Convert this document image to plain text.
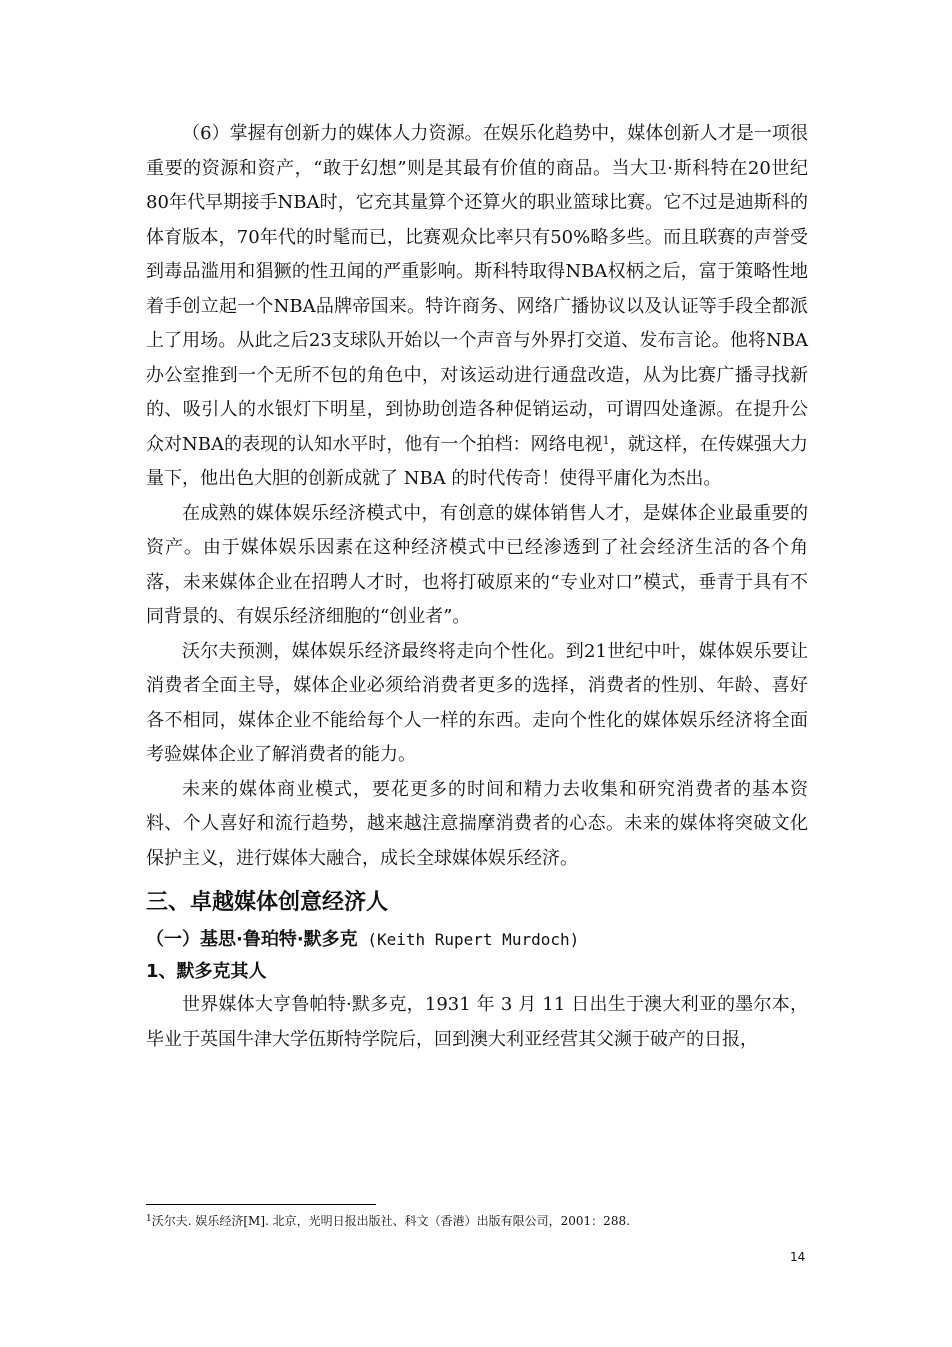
（6）掌握有创新力的媒体人力资源。在娱乐化趋势中，媒体创新人才是一项很重要的资源和资产，“敢于幻想”则是其最有价值的商品。当大卫·斯科特在20世纪80年代早期接手NBA时，它充其量算个还算火的职业篮球比赛。它不过是迪斯科的体育版本，70年代的时髦而已，比赛观众比率只有50%略多些。而且联赛的声誉受到毒品滥用和猖獗的性丑闻的严重影响。斯科特取得NBA权柄之后，富于策略性地着手创立起一个NBA品牌帝国来。特许商务、网络广播协议以及认证等手段全都派上了用场。从此之后23支球队开始以一个声音与外界打交道、发布言论。他将NBA办公室推到一个无所不包的角色中，对该运动进行通盘改造，从为比赛广播寻找新的、吸引人的水银灯下明星，到协助创造各种促销运动，可谓四处逢源。在提升公众对NBA的表现的认知水平时，他有一个拍档：网络电视$^1$，就这样，在传媒强大力量下，他出色大胆的创新成就了 NBA 的时代传奇！使得平庸化为杰出。

在成熟的媒体娱乐经济模式中，有创意的媒体销售人才，是媒体企业最重要的资产。由于媒体娱乐因素在这种经济模式中已经渗透到了社会经济生活的各个角落，未来媒体企业在招聘人才时，也将打破原来的“专业对口”模式，垂青于具有不同背景的、有娱乐经济细胞的“创业者”。

沃尔夫预测，媒体娱乐经济最终将走向个性化。到21世纪中叶，媒体娱乐要让消费者全面主导，媒体企业必须给消费者更多的选择，消费者的性别、年龄、喜好各不相同，媒体企业不能给每个人一样的东西。走向个性化的媒体娱乐经济将全面考验媒体企业了解消费者的能力。

未来的媒体商业模式，要花更多的时间和精力去收集和研究消费者的基本资料、个人喜好和流行趋势，越来越注意揣摩消费者的心态。未来的媒体将突破文化保护主义，进行媒体大融合，成长全球媒体娱乐经济。

三、卓越媒体创意经济人
（一）基思·鲁珀特·默多克 (Keith Rupert Murdoch)
1、默多克其人

世界媒体大亨鲁帕特·默多克，1931 年 3 月 11 日出生于澳大利亚的墨尔本，毕业于英国牛津大学伍斯特学院后，回到澳大利亚经营其父濒于破产的日报，

$^1$沃尔夫. 娱乐经济[M]. 北京，光明日报出版社、科文（香港）出版有限公司，2001：288.
14
